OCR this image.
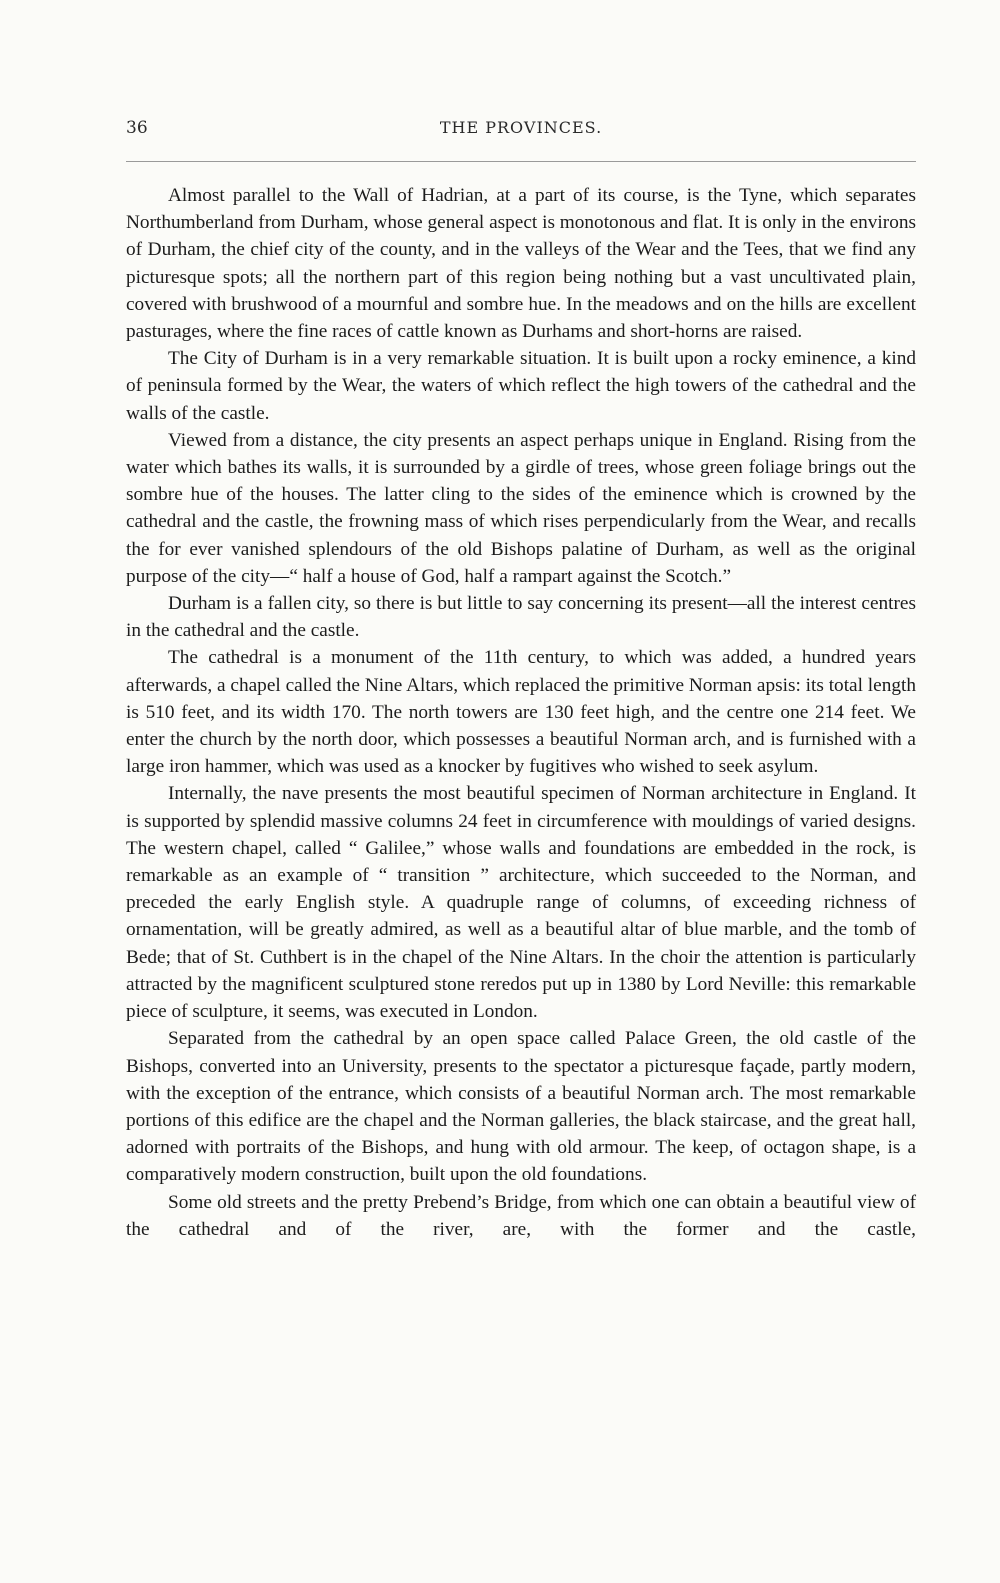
36	THE PROVINCES.

Almost parallel to the Wall of Hadrian, at a part of its course, is the Tyne, which separates Northumberland from Durham, whose general aspect is monotonous and flat. It is only in the environs of Durham, the chief city of the county, and in the valleys of the Wear and the Tees, that we find any picturesque spots; all the northern part of this region being nothing but a vast uncultivated plain, covered with brushwood of a mournful and sombre hue. In the meadows and on the hills are excellent pasturages, where the fine races of cattle known as Durhams and short-horns are raised.

The City of Durham is in a very remarkable situation. It is built upon a rocky eminence, a kind of peninsula formed by the Wear, the waters of which reflect the high towers of the cathedral and the walls of the castle.

Viewed from a distance, the city presents an aspect perhaps unique in England. Rising from the water which bathes its walls, it is surrounded by a girdle of trees, whose green foliage brings out the sombre hue of the houses. The latter cling to the sides of the eminence which is crowned by the cathedral and the castle, the frowning mass of which rises perpendicularly from the Wear, and recalls the for ever vanished splendours of the old Bishops palatine of Durham, as well as the original purpose of the city—“ half a house of God, half a rampart against the Scotch.”

Durham is a fallen city, so there is but little to say concerning its present—all the interest centres in the cathedral and the castle.

The cathedral is a monument of the 11th century, to which was added, a hundred years afterwards, a chapel called the Nine Altars, which replaced the primitive Norman apsis: its total length is 510 feet, and its width 170. The north towers are 130 feet high, and the centre one 214 feet. We enter the church by the north door, which possesses a beautiful Norman arch, and is furnished with a large iron hammer, which was used as a knocker by fugitives who wished to seek asylum.

Internally, the nave presents the most beautiful specimen of Norman architecture in England. It is supported by splendid massive columns 24 feet in circumference with mouldings of varied designs. The western chapel, called “ Galilee,” whose walls and foundations are embedded in the rock, is remarkable as an example of “ transition ” architecture, which succeeded to the Norman, and preceded the early English style. A quadruple range of columns, of exceeding richness of ornamentation, will be greatly admired, as well as a beautiful altar of blue marble, and the tomb of Bede; that of St. Cuthbert is in the chapel of the Nine Altars. In the choir the attention is particularly attracted by the magnificent sculptured stone reredos put up in 1380 by Lord Neville: this remarkable piece of sculpture, it seems, was executed in London.

Separated from the cathedral by an open space called Palace Green, the old castle of the Bishops, converted into an University, presents to the spectator a picturesque façade, partly modern, with the exception of the entrance, which consists of a beautiful Norman arch. The most remarkable portions of this edifice are the chapel and the Norman galleries, the black staircase, and the great hall, adorned with portraits of the Bishops, and hung with old armour. The keep, of octagon shape, is a comparatively modern construction, built upon the old foundations.

Some old streets and the pretty Prebend’s Bridge, from which one can obtain a beautiful view of the cathedral and of the river, are, with the former and the castle,
